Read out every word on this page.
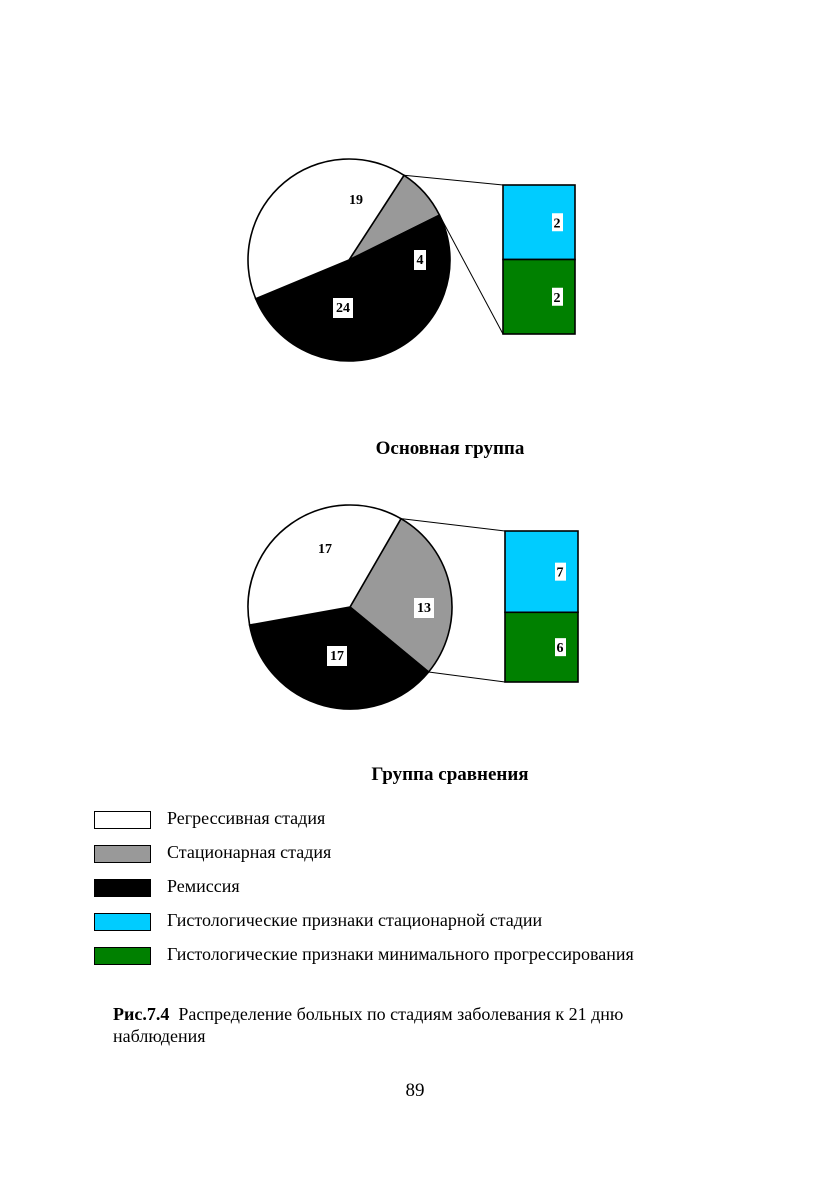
2
2
19
4
24
Основная группа
7
6
17
13
17
Группа сравнения
Регрессивная стадия
Стационарная стадия
Ремиссия
Гистологические признаки стационарной стадии
Гистологические признаки минимального прогрессирования
Рис.7.4 Распределение больных по стадиям заболевания к 21 дню наблюдения
89
